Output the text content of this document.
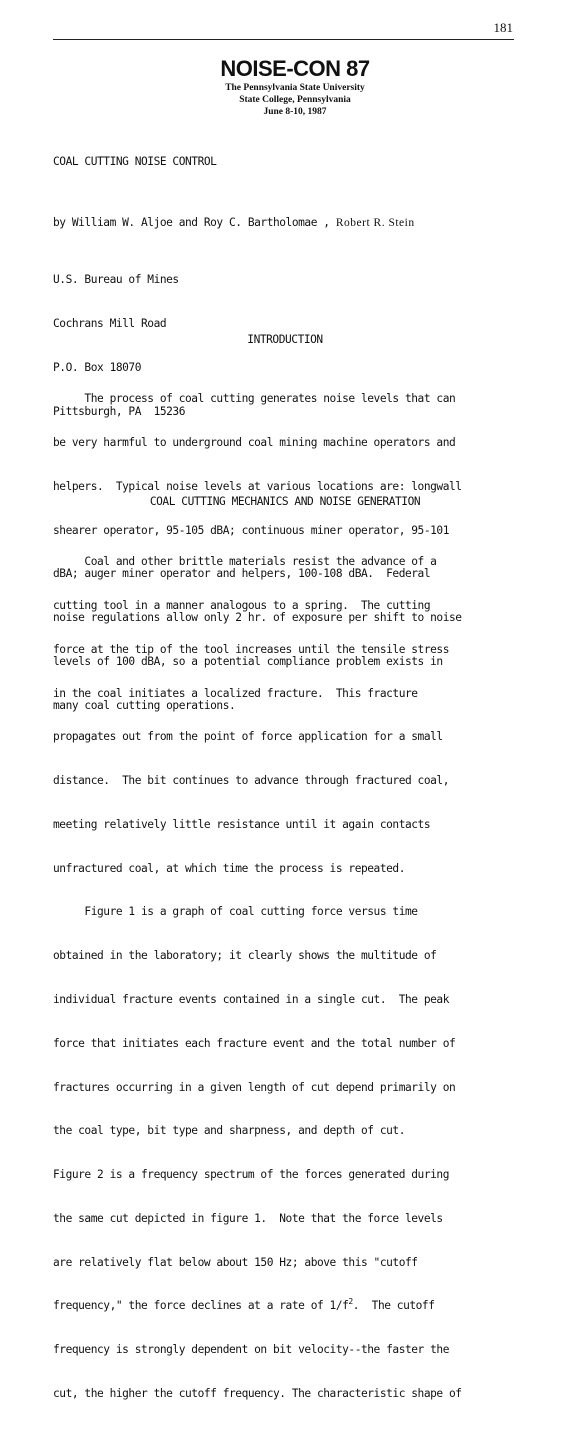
181
NOISE-CON 87
The Pennsylvania State University
State College, Pennsylvania
June 8-10, 1987
COAL CUTTING NOISE CONTROL
by William W. Aljoe and Roy C. Bartholomae , Robert R. Stein

U.S. Bureau of Mines

Cochrans Mill Road

P.O. Box 18070

Pittsburgh, PA  15236

INTRODUCTION

The process of coal cutting generates noise levels that can

be very harmful to underground coal mining machine operators and

helpers.  Typical noise levels at various locations are: longwall

shearer operator, 95-105 dBA; continuous miner operator, 95-101

dBA; auger miner operator and helpers, 100-108 dBA.  Federal

noise regulations allow only 2 hr. of exposure per shift to noise

levels of 100 dBA, so a potential compliance problem exists in

many coal cutting operations.

COAL CUTTING MECHANICS AND NOISE GENERATION

Coal and other brittle materials resist the advance of a

cutting tool in a manner analogous to a spring.  The cutting

force at the tip of the tool increases until the tensile stress

in the coal initiates a localized fracture.  This fracture

propagates out from the point of force application for a small

distance.  The bit continues to advance through fractured coal,

meeting relatively little resistance until it again contacts

unfractured coal, at which time the process is repeated.

Figure 1 is a graph of coal cutting force versus time

obtained in the laboratory; it clearly shows the multitude of

individual fracture events contained in a single cut.  The peak

force that initiates each fracture event and the total number of

fractures occurring in a given length of cut depend primarily on

the coal type, bit type and sharpness, and depth of cut.

Figure 2 is a frequency spectrum of the forces generated during

the same cut depicted in figure 1.  Note that the force levels

are relatively flat below about 150 Hz; above this "cutoff

frequency," the force declines at a rate of $1/f^2$.  The cutoff

frequency is strongly dependent on bit velocity--the faster the

cut, the higher the cutoff frequency. The characteristic shape of
